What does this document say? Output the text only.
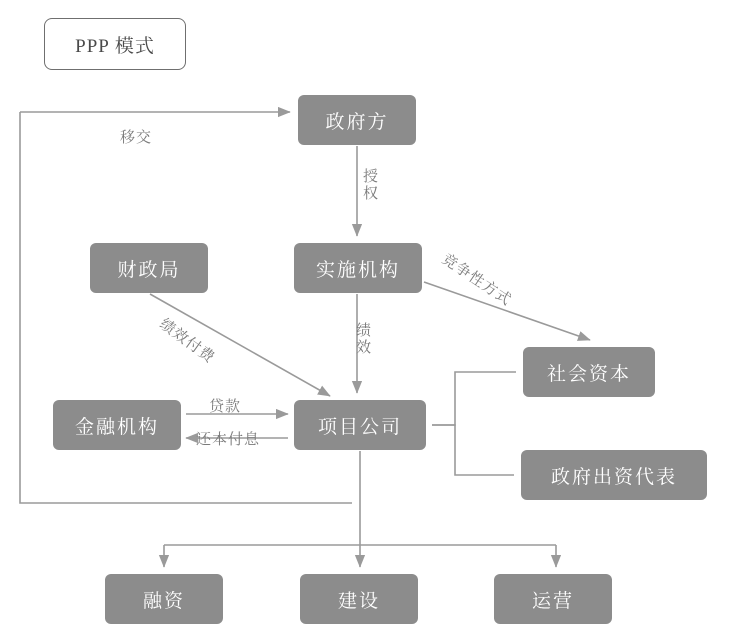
PPP 模式
政府方
财政局	实施机构
社会资本
金融机构	项目公司
政府出资代表
融资	建设	运营
移交
授权
竞争性方式
绩效付费	绩效
贷款
还本付息
